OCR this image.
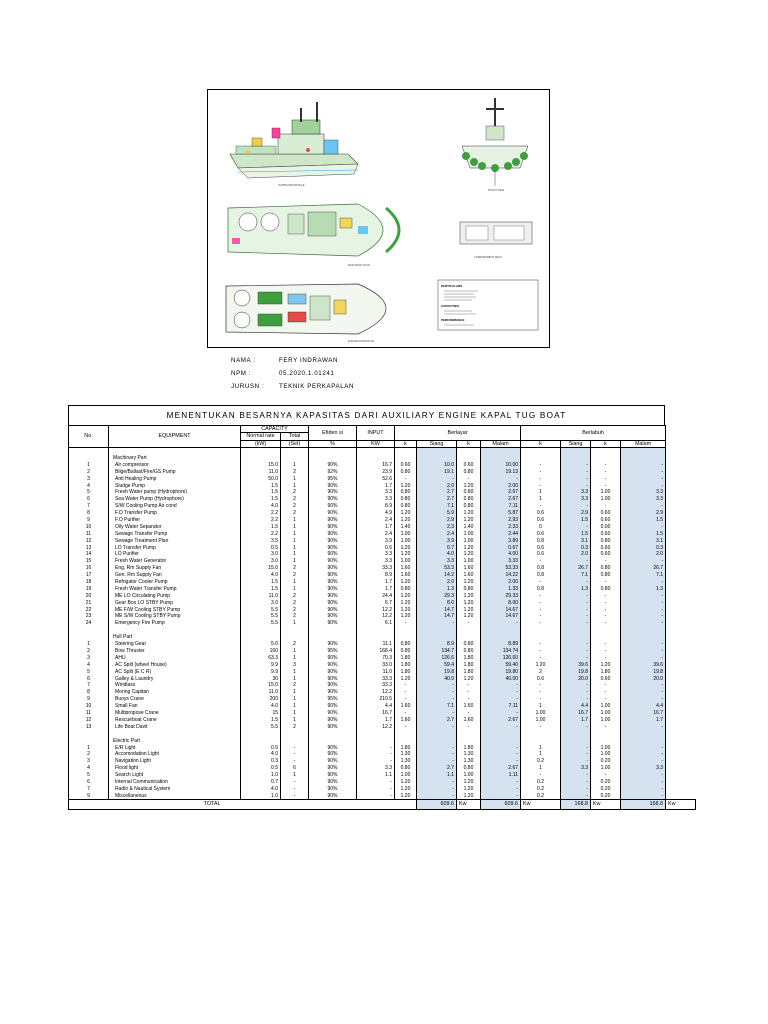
OUTBOARD PROFILE
FRONT VIEW
MAIN DECK PLAN
COMPARTMENT DECK
ENGINE ROOM PLAN
PARTICULARS
CAPACITIES
PERFORMANCE
NAMA :	FERY INDRAWAN
NPM :	05.2020.1.01241
JURUSN : TEKNIK PERKAPALAN
MENENTUKAN BESARNYA KAPASITAS DARI AUXILIARY ENGINE KAPAL TUG BOAT
No.	EQUIPMENT	CAPACITY		Efiden si	INPUT	Berlayar				Berlabuh				
		Normal rate	Total											
		(kW)	(Set)	%	KW	k	Siang	k	Malam	k	Siang	k	Malam	

	Machinary Part													
1	Air compressor	15.0	1	90%	16.7	0.60	10.0	0.60	10.00	-	-	-	-	
2	Bilge/Ballast/Fire/GS Pump	11.0	2	92%	23.9	0.80	19.1	0.80	19.13	-	-	-	-	
3	Anti Healing Pump	50.0	1	95%	52.6	-	-	-	-	-	-	-	-	
4	Sludge Pump	1.5	1	90%	1.7	1.20	2.0	1.20	2.00	-	-	-	-	
5	Fresh Water pump (Hydrophore)	1.5	2	90%	3.3	0.80	2.7	0.80	2.67	1	3.3	1.00	3.3	
6	Sea Water Pump (Hydrophore)	1.5	2	90%	3.3	0.80	2.7	0.80	2.67	1	3.3	1.00	3.3	
7	S/W Cooling Pump Air cond	4.0	2	90%	8.9	0.80	7.1	0.80	7.11	-	-	-	-	
8	F.O Transfer Pump	2.2	2	90%	4.9	1.20	5.9	1.20	5.87	0.6	2.9	0.60	2.9	
9	F.O Purifier	2.2	1	90%	2.4	1.20	2.9	1.20	2.93	0.6	1.5	0.60	1.5	
10	Oily Water Separator	1.5	1	90%	1.7	1.40	2.3	1.40	2.33	0	-	0.00	-	
11	Sewage Transfer Pump	2.2	1	90%	2.4	1.00	2.4	1.00	2.44	0.6	1.5	0.60	1.5	
12	Sewage Treatment Plan	3.5	1	90%	3.9	1.00	3.9	1.00	3.89	0.8	3.1	0.80	3.1	
13	LO Transfer Pump	0.5	1	90%	0.6	1.20	0.7	1.20	0.67	0.6	0.3	0.60	0.3	
14	LO Purifier	3.0	1	90%	3.3	1.20	4.0	1.20	4.00	0.6	2.0	0.60	2.0	
15	Fresh Water Generator	3.0	1	90%	3.3	1.00	3.3	1.00	3.33	-	-	-	-	
16	Eng. Rm Supply Fan	15.0	2	90%	33.3	1.60	53.3	1.60	53.33	0.8	26.7	0.80	26.7	
17	Gen. Rm Supply Fan	4.0	2	90%	8.9	1.60	14.2	1.60	14.22	0.8	7.1	0.80	7.1	
18	Refrigator Cooler Pump	1.5	1	90%	1.7	1.20	2.0	1.20	2.00	-	-	-	-	
19	Fresh Water Transfer Pump	1.5	1	90%	1.7	0.80	1.3	0.80	1.33	0.8	1.3	0.80	1.3	
20	ME LO Circulating Pump	11.0	2	90%	24.4	1.20	29.3	1.20	29.33	-	-	-	-	
21	Gear Box LO STBY Pump	3.0	2	90%	6.7	1.20	8.0	1.20	8.00	-	-	-	-	
22	ME F/W Cooling STBY Pump	5.5	2	90%	12.2	1.20	14.7	1.20	14.67	-	-	-	-	
23	ME S/W Cooling STBY Pump	5.5	2	90%	12.2	1.20	14.7	1.20	14.67	-	-	-	-	
24	Emergency Fire Pump	5.5	1	90%	6.1	-	-	-	-	-	-	-	-	

	Hull Part													
1	Steering Gear	5.0	2	90%	11.1	0.80	8.9	0.80	8.89	-	-	-	-	
2	Bow Thruster	160	1	95%	168.4	0.80	134.7	0.80	134.74	-	-	-	-	
3	AHU	63.3	1	90%	70.3	1.80	126.6	1.80	126.60	-	-	-	-	
4	AC Spilt (wheel House)	9.9	3	90%	33.0	1.80	59.4	1.80	59.40	1.20	39.6	1.20	39.6	
5	AC Spilt (E C R)	9.9	1	90%	11.0	1.80	19.8	1.80	19.80	2	19.8	1.80	19.8	
6	Galley & Laundry	30	1	90%	33.3	1.20	40.0	1.20	40.00	0.6	20.0	0.60	20.0	
7	Windlass	15.0	2	90%	33.3	-	-	-	-	-	-	-	-	
8	Moring Capitan	11.0	1	90%	12.2	-	-	-	-	-	-	-	-	
9	Buoys Crane	200	1	95%	210.5	-	-	-	-	-	-	-	-	
10	Small Fan	4.0	1	90%	4.4	1.60	7.1	1.60	7.11	1	4.4	1.00	4.4	
11	Multipropose Crane	15	1	90%	16.7	-	-	-	-	1.00	16.7	1.00	16.7	
12	Rescueboat Crane	1.5	1	90%	1.7	1.60	2.7	1.60	2.67	1.00	1.7	1.00	1.7	
13	Life Boat Davit	5.5	2	90%	12.2	-	-	-	-	-	-	-	-	

	Electric Part													
1	E/R Light	0.5	-	90%	-	1.80	-	1.80	-	1	-	1.00	-	
2	Accomodation Light	4.0	-	90%	-	1.30	-	1.30	-	1	-	1.00	-	
3	Navigation Light	0.3	-	90%	-	1.30	-	1.30	-	0.2	-	0.20	-	
4	Flood light	0.5	6	90%	3.3	0.80	2.7	0.80	2.67	1	3.3	1.00	3.3	
5	Search Light	1.0	1	90%	1.1	1.00	1.1	1.00	1.11	-	-	-	-	
6	Internal Communication	0.7	-	90%	-	1.20	-	1.20	-	0.2	-	0.20	-	
7	Radio & Nautical System	4.0	-	90%	-	1.20	-	1.20	-	0.2	-	0.20	-	
9	Miscellaneous	1.0	-	90%	-	1.20	-	1.20	-	0.2	-	0.20	-	
TOTAL							609.6	Kw	609.6	Kw	168.8	Kw	168.8	Kw
